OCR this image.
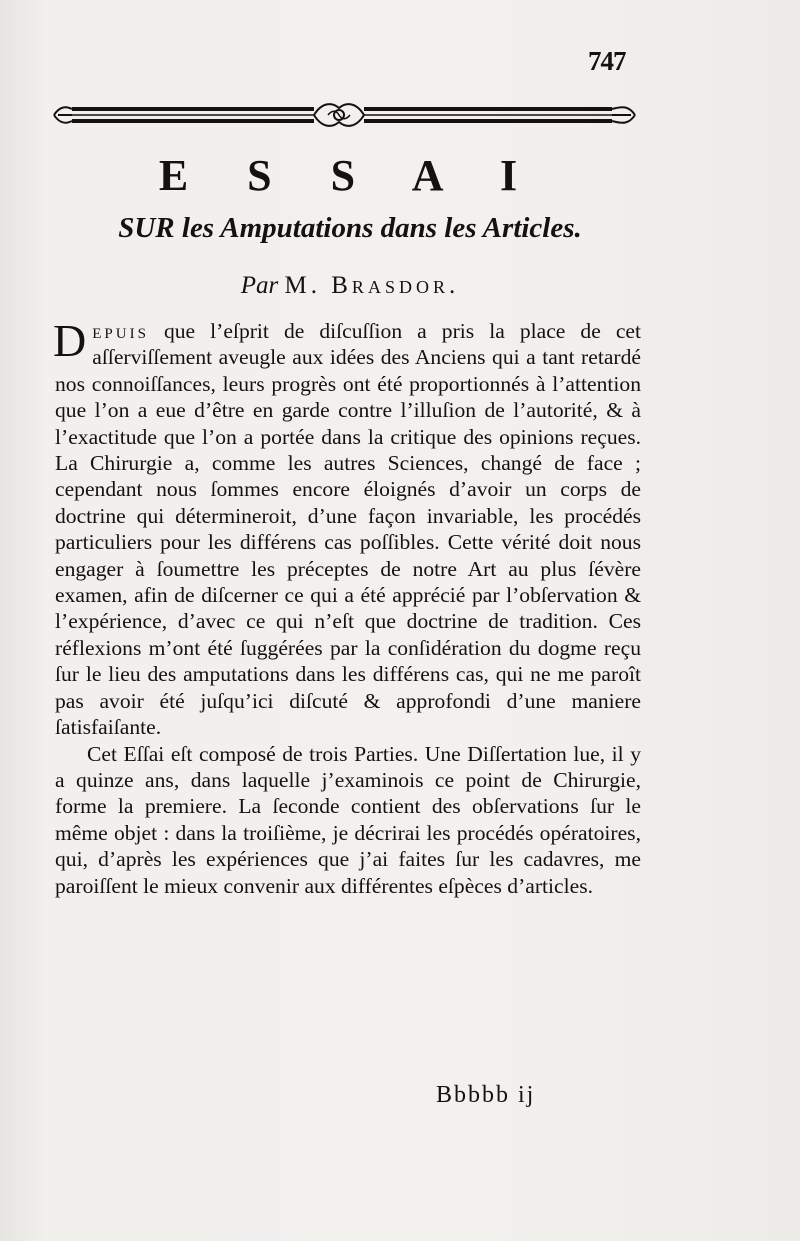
747
E S S A I
SUR les Amputations dans les Articles.
Par M. Brasdor.

Depuis que l’eſprit de diſcuſſion a pris la place de cet aſſerviſſement aveugle aux idées des Anciens qui a tant retardé nos connoiſſances, leurs progrès ont été proportionnés à l’attention que l’on a eue d’être en garde contre l’illuſion de l’autorité, & à l’exactitude que l’on a portée dans la critique des opinions reçues. La Chirurgie a, comme les autres Sciences, changé de face ; cependant nous ſommes encore éloignés d’avoir un corps de doctrine qui détermineroit, d’une façon invariable, les procédés particuliers pour les différens cas poſſibles. Cette vérité doit nous engager à ſoumettre les préceptes de notre Art au plus ſévère examen, afin de diſcerner ce qui a été apprécié par l’obſervation & l’expérience, d’avec ce qui n’eſt que doctrine de tradition. Ces réflexions m’ont été ſuggérées par la conſidération du dogme reçu ſur le lieu des amputations dans les différens cas, qui ne me paroît pas avoir été juſqu’ici diſcuté & approfondi d’une maniere ſatisfaiſante.

Cet Eſſai eſt composé de trois Parties. Une Diſſertation lue, il y a quinze ans, dans laquelle j’examinois ce point de Chirurgie, forme la premiere. La ſeconde contient des obſervations ſur le même objet : dans la troiſième, je décrirai les procédés opératoires, qui, d’après les expériences que j’ai faites ſur les cadavres, me paroiſſent le mieux convenir aux différentes eſpèces d’articles.

Bbbbb ij
